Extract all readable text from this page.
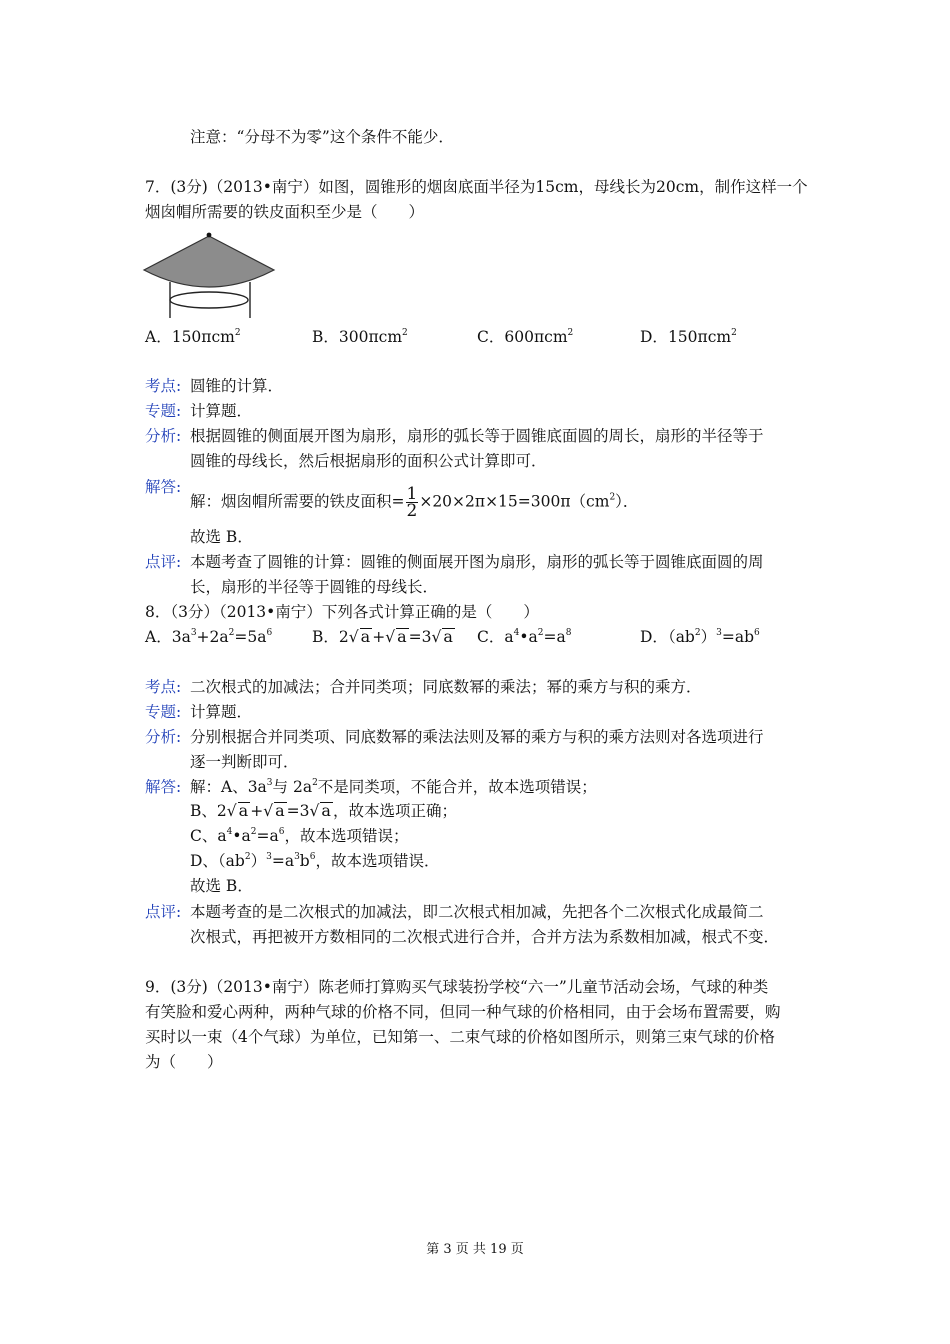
注意：“分母不为零”这个条件不能少．
7．(3分)（2013•南宁）如图，圆锥形的烟囱底面半径为15cm，母线长为20cm，制作这样一个
烟囱帽所需要的铁皮面积至少是（　　）
A．150πcm$^2$	B．300πcm$^2$	C．600πcm$^2$	D．150πcm$^2$
考点: 圆锥的计算．
专题: 计算题．
分析: 根据圆锥的侧面展开图为扇形，扇形的弧长等于圆锥底面圆的周长，扇形的半径等于
圆锥的母线长，然后根据扇形的面积公式计算即可．
解答:
解：烟囱帽所需要的铁皮面积= $\frac{1}{2} \times 20\times 2\pi\times 15=300\pi(cm^2)$．
故选 B．
点评: 本题考查了圆锥的计算：圆锥的侧面展开图为扇形，扇形的弧长等于圆锥底面圆的周
长，扇形的半径等于圆锥的母线长．
8．（3分）（2013•南宁）下列各式计算正确的是（　　）
A．$3a^3+2a^2=5a^6$	B．2√ a +√ a =3√ a C．$a^4•a^2=a^8$	D．$(ab^2)^3=ab^6$
考点: 二次根式的加减法；合并同类项；同底数幂的乘法；幂的乘方与积的乘方．
专题: 计算题．
分析: 分别根据合并同类项、同底数幂的乘法法则及幂的乘方与积的乘方法则对各选项进行
逐一判断即可．
解答: 解：A、$3a^3$与 $2a^2$不是同类项，不能合并，故本选项错误；
B、2√ a +√ a =3√ a ，故本选项正确；
C、$a^4•a^2=a^6$，故本选项错误；
D、$(ab^2)^3=a^3b^6$，故本选项错误．
故选 B．
点评: 本题考查的是二次根式的加减法，即二次根式相加减，先把各个二次根式化成最简二
次根式，再把被开方数相同的二次根式进行合并，合并方法为系数相加减，根式不变．
9．(3分)（2013•南宁）陈老师打算购买气球装扮学校“六一”儿童节活动会场，气球的种类
有笑脸和爱心两种，两种气球的价格不同，但同一种气球的价格相同，由于会场布置需要，购
买时以一束（4个气球）为单位，已知第一、二束气球的价格如图所示，则第三束气球的价格
为（　　）
第 3 页 共 19 页
